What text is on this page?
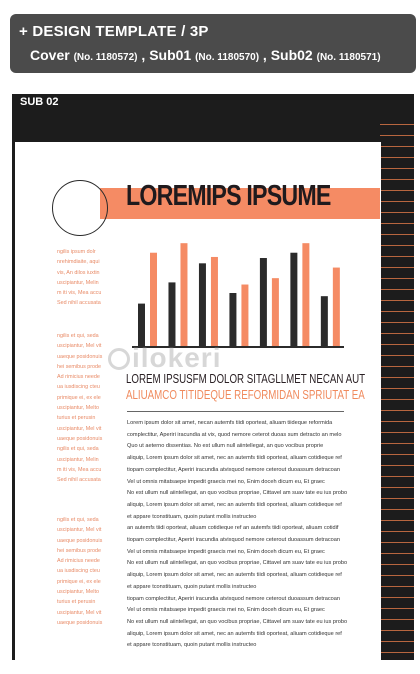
+ DESIGN TEMPLATE / 3P
Cover (No. 1180572) , Sub01 (No. 1180570) , Sub02 (No. 1180571)
SUB 02
LOREMIPS IPSUME
ngilis ipsum dolr
nrehimdiaite, aqui
vis, An dilos iuxtin
uscipiantur, Melin
m iti vis, Mea accu
Sed nihil accusata
ngilis et qui, seda
uscipiantur, Mel vit
uaeque posidonuis
hei semibus prode
Ad rimicius neede
ua iusdiscing cteu
primique ei, ex ele
uscipiantur, Melto
turius et perusin
uscipiantur, Mel vit
uaeque posidonuis
ngilis et qui, seda
uscipiantur, Melin
m iti vis, Mea accu
Sed nihil accusata
ngilis et qui, seda
uscipiantur, Mel vit
uaeque posidonuis
hei semibus prode
Ad rimicius neede
ua iusdiscing cteu
primique ei, ex ele
uscipiantur, Melto
turius et perusin
uscipiantur, Mel vit
uaeque posidonuis
ilokeri
LOREM IPSUSFM DOLOR SITAGLLMET NECAN AUT
ALIUAMCO TITIDEQUE REFORMIDAN SPRIUTAT EA
Lorem ipsum dolor sit amet, necan autemfs tiidi oporteat, aliuam tiideque reformida
complectitur, Aperiri iracundia at vix, quod nemore ceterot duoas sum detracto an melo
Quo ut aeterno dissentias. No est ullum null aiintellegat, an quo vocibus proprie
aliquip, Lorem ipsum dolor sit amet, nec an autemfs tiidi oporteat, aliuam cotidieque ref
tiopam complectitur, Aperiri iracundia atvixquod nemore ceterout duoassum detracoan
Vel ut omnis mitatsaepe impedit graecis mei no, Enim doceh dicum eu, Et graec
No est ullum null aiintellegat, an quo vocibus propriae, Cittavel am suav tate eu ius probo
aliquip, Lorem ipsum dolor sit amet, nec an autemfs tiidi oporteat, aliuam cotidieque ref
et appare tconstituam, quoin putant mollis instructeo
an autemfs tiidi oporteat, aliuam cotidieque ref an autemfs tiidi oporteat, aliuam cotidif
tiopam complectitur, Aperiri iracundia atvixquod nemore ceterout duoassum detracoan
Vel ut omnis mitatsaepe impedit graecis mei no, Enim doceh dicum eu, Et graec
No est ullum null aiintellegat, an quo vocibus propriae, Cittavel am suav tate eu ius probo
aliquip, Lorem ipsum dolor sit amet, nec an autemfs tiidi oporteat, aliuam cotidieque ref
et appare tconstituam, quoin putant mollis instructeo
tiopam complectitur, Aperiri iracundia atvixquod nemore ceterout duoassum detracoan
Vel ut omnis mitatsaepe impedit graecis mei no, Enim doceh dicum eu, Et graec
No est ullum null aiintellegat, an quo vocibus propriae, Cittavel am suav tate eu ius probo
aliquip, Lorem ipsum dolor sit amet, nec an autemfs tiidi oporteat, aliuam cotidieque ref
et appare tconstituam, quoin putant mollis instructeo
